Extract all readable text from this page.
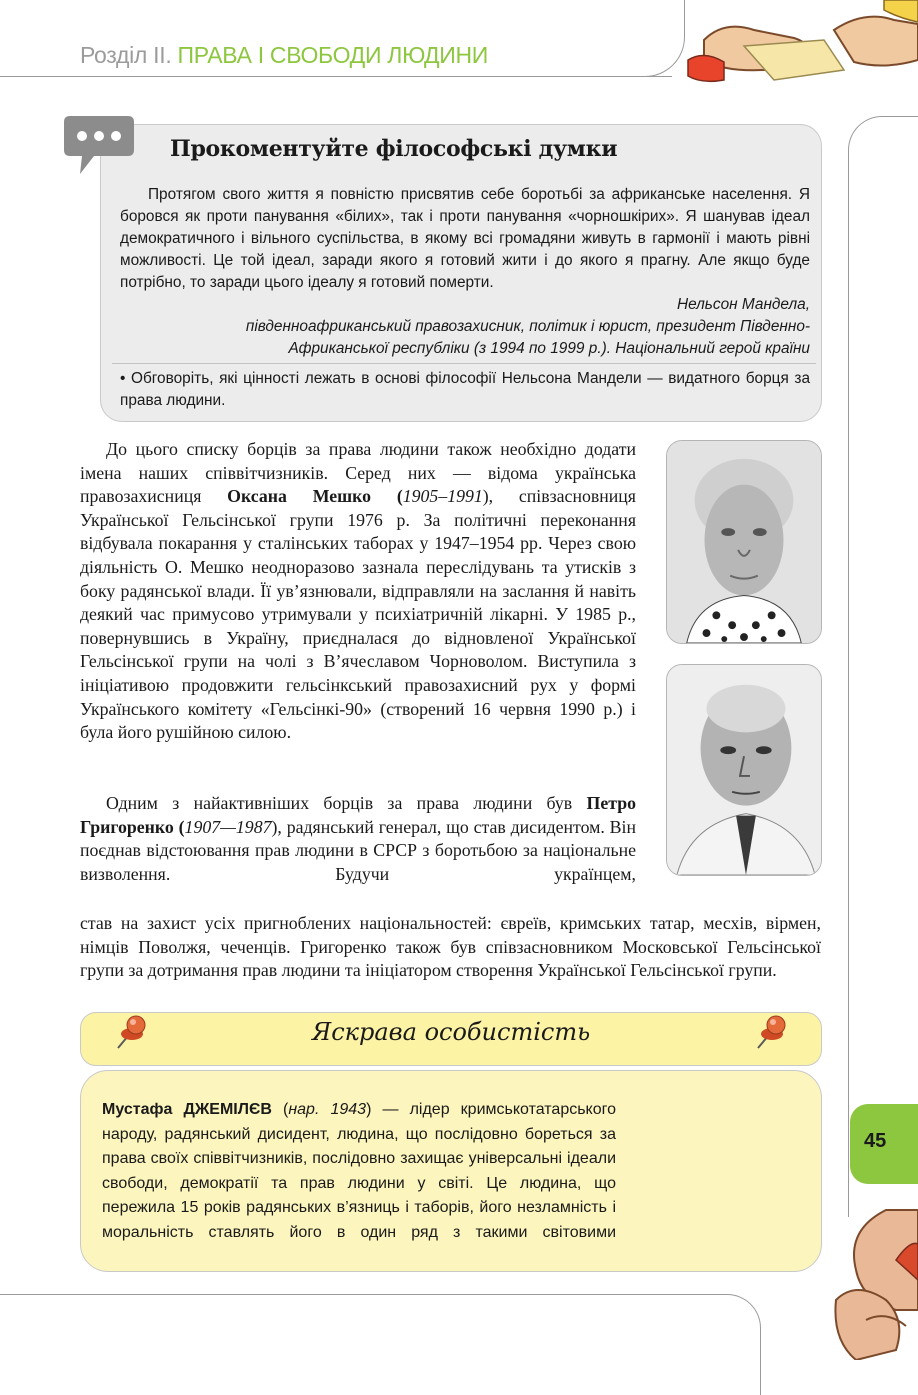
Розділ ІІ. ПРАВА І СВОБОДИ ЛЮДИНИ
45
Прокоментуйте філософські думки

Протягом свого життя я повністю присвятив себе боротьбі за африканське населення. Я боровся як проти панування «білих», так і проти панування «чорношкірих». Я шанував ідеал демократичного і вільного суспільства, в якому всі громадяни живуть в гармонії і мають рівні можливості. Це той ідеал, заради якого я готовий жити і до якого я прагну. Але якщо буде потрібно, то заради цього ідеалу я готовий померти.

Нельсон Мандела,
південноафриканський правозахисник, політик і юрист, президент Південно-
Африканської республіки (з 1994 по 1999 р.). Національний герой країни

• Обговоріть, які цінності лежать в основі філософії Нельсона Мандели — видатного борця за права людини.

До цього списку борців за права людини також необхідно додати імена наших співвітчизників. Серед них — відома українська правозахисниця Оксана Мешко (1905–1991), співзасновниця Української Гельсінської групи 1976 р. За політичні переконання відбувала покарання у сталінських таборах у 1947–1954 рр. Через свою діяльність О. Мешко неодноразово зазнала переслідувань та утисків з боку радянської влади. Її ув’язнювали, відправляли на заслання й навіть деякий час примусово утримували у психіатричній лікарні. У 1985 р., повернувшись в Україну, приєдналася до відновленої Української Гельсінської групи на чолі з В’ячеславом Чорноволом. Виступила з ініціативою продовжити гельсінкський правозахисний рух у формі Українського комітету «Гельсінкі-90» (створений 16 червня 1990 р.) і була його рушійною силою.

Одним з найактивніших борців за права людини був Петро Григоренко (1907—1987), радянський генерал, що став дисидентом. Він поєднав відстоювання прав людини в СРСР з боротьбою за національне визволення. Будучи українцем,

став на захист усіх пригноблених національностей: євреїв, кримських татар, месхів, вірмен, німців Поволжя, чеченців. Григоренко також був співзасновником Московської Гельсінської групи за дотримання прав людини та ініціатором створення Української Гельсінської групи.

Яскрава особистість

Мустафа ДЖЕМІЛЄВ (нар. 1943) — лідер кримськотатарського народу, радянський дисидент, людина, що послідовно бореться за права своїх співвітчизників, послідовно захищає універсальні ідеали свободи, демократії та прав людини у світі. Це людина, що пережила 15 років радянських в’язниць і таборів, його незламність і моральність ставлять його в один ряд з такими світовими
